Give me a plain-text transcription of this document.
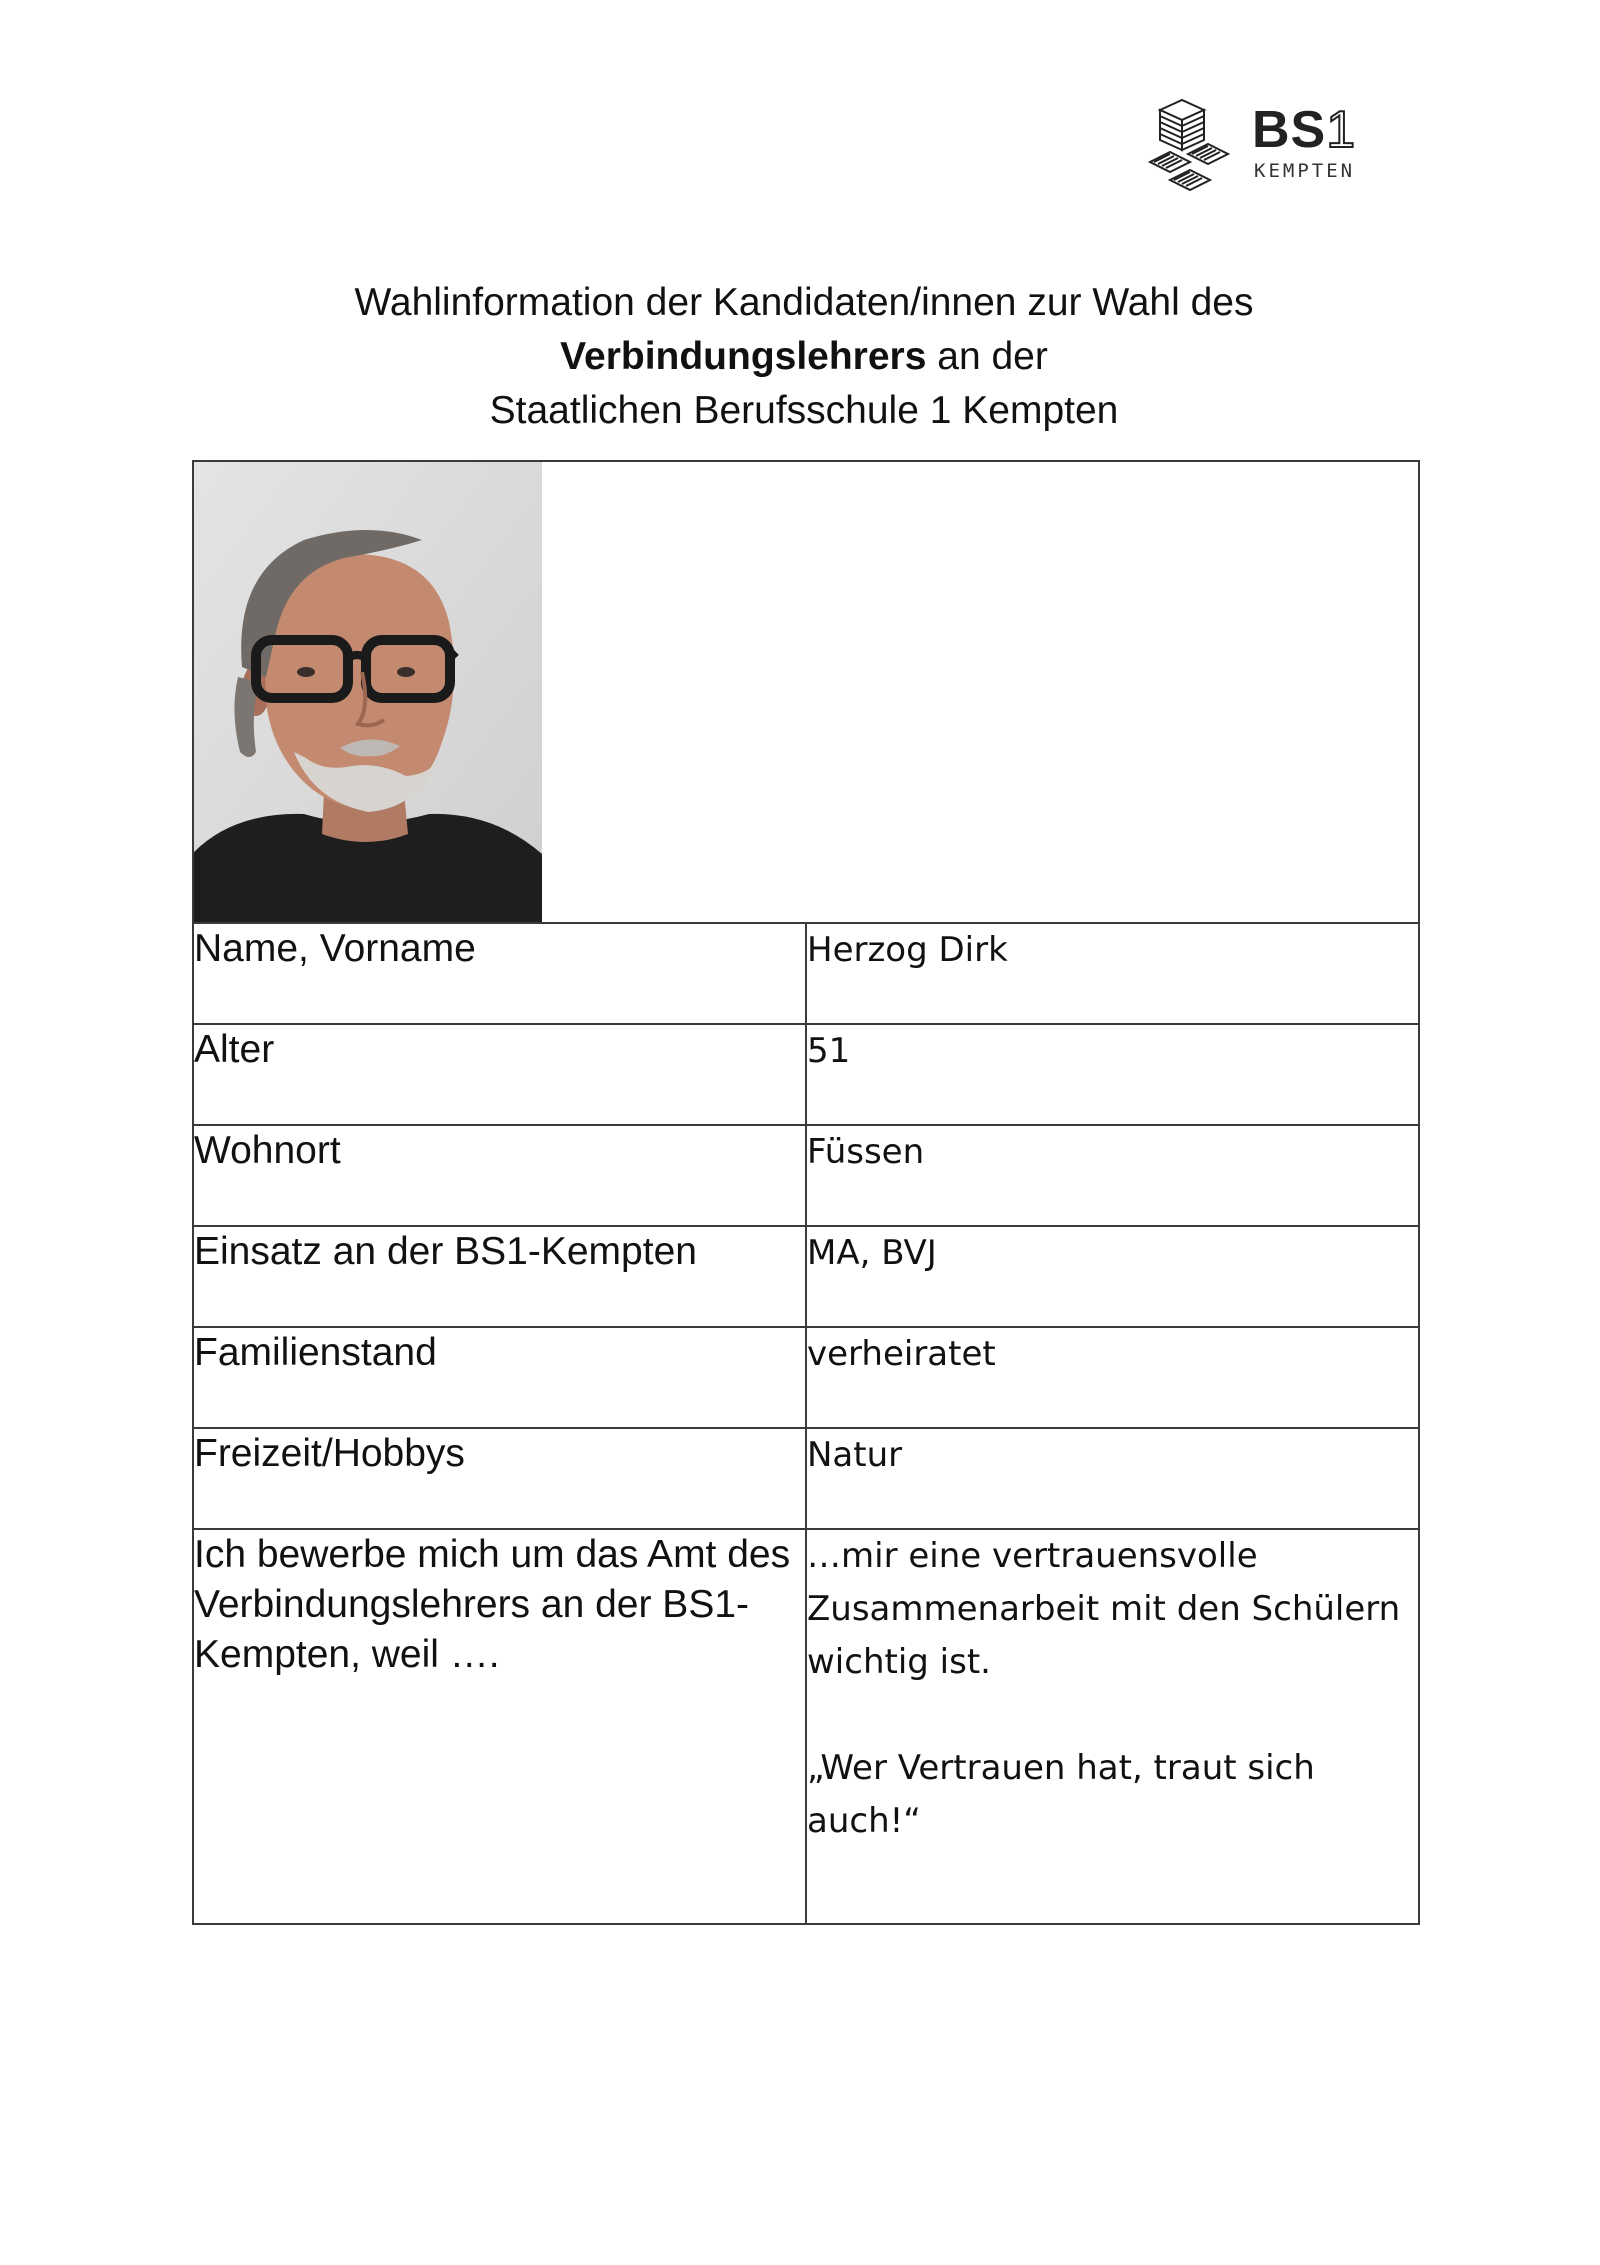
BS1
KEMPTEN
Wahlinformation der Kandidaten/innen zur Wahl des
Verbindungslehrers an der
Staatlichen Berufsschule 1 Kempten

Name, Vorname	Herzog Dirk
Alter	51
Wohnort	Füssen
Einsatz an der BS1-Kempten	MA, BVJ
Familienstand	verheiratet
Freizeit/Hobbys	Natur
Ich bewerbe mich um das Amt des Verbindungslehrers an der BS1-Kempten, weil ….	…mir eine vertrauensvolle Zusammenarbeit mit den Schülern wichtig ist.
„Wer Vertrauen hat, traut sich auch!“
